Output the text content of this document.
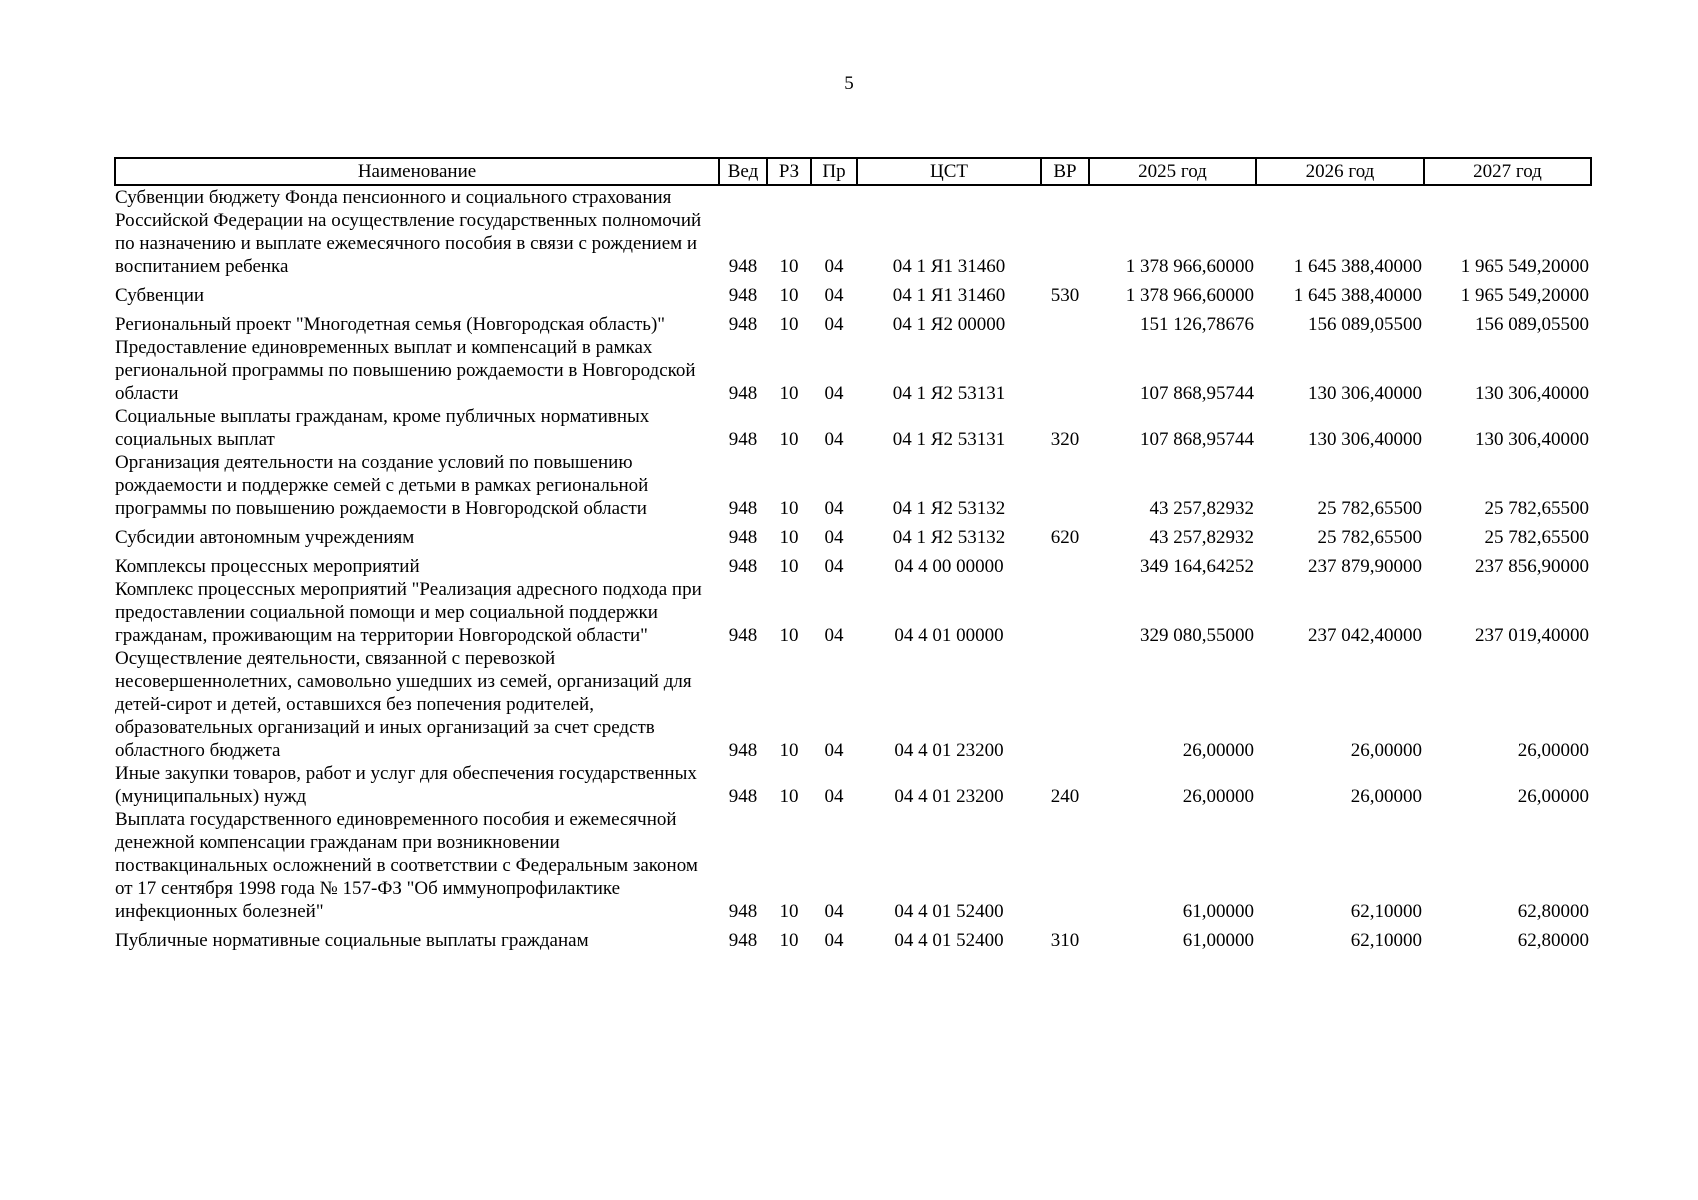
5
Наименование	Вед	РЗ	Пр	ЦСТ	ВР	2025 год	2026 год	2027 год
Субвенции бюджету Фонда пенсионного и социального страхования Российской Федерации на осуществление государственных полномочий по назначению и выплате ежемесячного пособия в связи с рождением и воспитанием ребенка	948	10	04	04 1 Я1 31460		1 378 966,60000	1 645 388,40000	1 965 549,20000
Субвенции	948	10	04	04 1 Я1 31460	530	1 378 966,60000	1 645 388,40000	1 965 549,20000
Региональный проект "Многодетная семья (Новгородская область)"	948	10	04	04 1 Я2 00000		151 126,78676	156 089,05500	156 089,05500
Предоставление единовременных выплат и компенсаций в рамках региональной программы по повышению рождаемости в Новгородской области	948	10	04	04 1 Я2 53131		107 868,95744	130 306,40000	130 306,40000
Социальные выплаты гражданам, кроме публичных нормативных социальных выплат	948	10	04	04 1 Я2 53131	320	107 868,95744	130 306,40000	130 306,40000
Организация деятельности на создание условий по повышению рождаемости и поддержке семей с детьми в рамках региональной программы по повышению рождаемости в Новгородской области	948	10	04	04 1 Я2 53132		43 257,82932	25 782,65500	25 782,65500
Субсидии автономным учреждениям	948	10	04	04 1 Я2 53132	620	43 257,82932	25 782,65500	25 782,65500
Комплексы процессных мероприятий	948	10	04	04 4 00 00000		349 164,64252	237 879,90000	237 856,90000
Комплекс процессных мероприятий "Реализация адресного подхода при предоставлении социальной помощи и мер социальной поддержки гражданам, проживающим на территории Новгородской области"	948	10	04	04 4 01 00000		329 080,55000	237 042,40000	237 019,40000
Осуществление деятельности, связанной с перевозкой несовершеннолетних, самовольно ушедших из семей, организаций для детей-сирот и детей, оставшихся без попечения родителей, образовательных организаций и иных организаций за счет средств областного бюджета	948	10	04	04 4 01 23200		26,00000	26,00000	26,00000
Иные закупки товаров, работ и услуг для обеспечения государственных (муниципальных) нужд	948	10	04	04 4 01 23200	240	26,00000	26,00000	26,00000
Выплата государственного единовременного пособия и ежемесячной денежной компенсации гражданам при возникновении поствакцинальных осложнений в соответствии с Федеральным законом от 17 сентября 1998 года № 157-ФЗ "Об иммунопрофилактике инфекционных болезней"	948	10	04	04 4 01 52400		61,00000	62,10000	62,80000
Публичные нормативные социальные выплаты гражданам	948	10	04	04 4 01 52400	310	61,00000	62,10000	62,80000
